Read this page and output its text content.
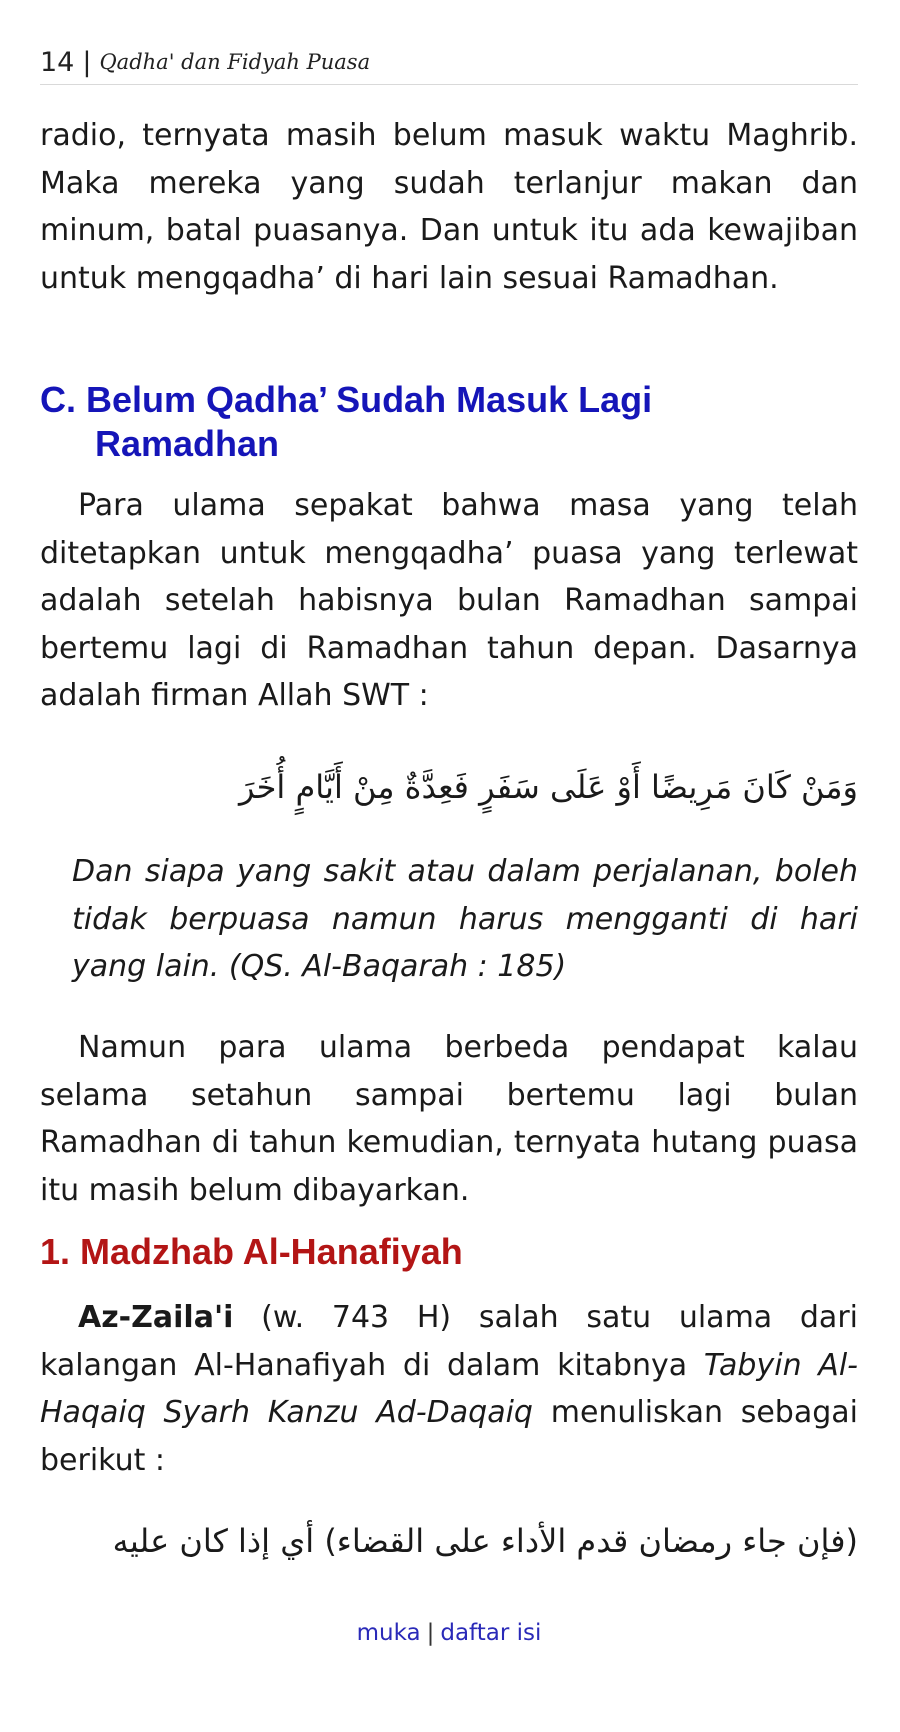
14 | Qadha' dan Fidyah Puasa

radio, ternyata masih belum masuk waktu Maghrib. Maka mereka yang sudah terlanjur makan dan minum, batal puasanya. Dan untuk itu ada kewajiban untuk mengqadha’ di hari lain sesuai Ramadhan.

C. Belum Qadha’ Sudah Masuk Lagi
Ramadhan

Para ulama sepakat bahwa masa yang telah ditetapkan untuk mengqadha’ puasa yang terlewat adalah setelah habisnya bulan Ramadhan sampai bertemu lagi di Ramadhan tahun depan. Dasarnya adalah firman Allah SWT :

وَمَنْ كَانَ مَرِيضًا أَوْ عَلَى سَفَرٍ فَعِدَّةٌ مِنْ أَيَّامٍ أُخَرَ

Dan siapa yang sakit atau dalam perjalanan, boleh tidak berpuasa namun harus mengganti di hari yang lain. (QS. Al-Baqarah : 185)

Namun para ulama berbeda pendapat kalau selama setahun sampai bertemu lagi bulan Ramadhan di tahun kemudian, ternyata hutang puasa itu masih belum dibayarkan.

1. Madzhab Al-Hanafiyah

Az-Zaila'i (w. 743 H) salah satu ulama dari kalangan Al-Hanafiyah di dalam kitabnya Tabyin Al-Haqaiq Syarh Kanzu Ad-Daqaiq menuliskan sebagai berikut :

(فإن جاء رمضان قدم الأداء على القضاء) أي إذا كان عليه
muka | daftar isi
